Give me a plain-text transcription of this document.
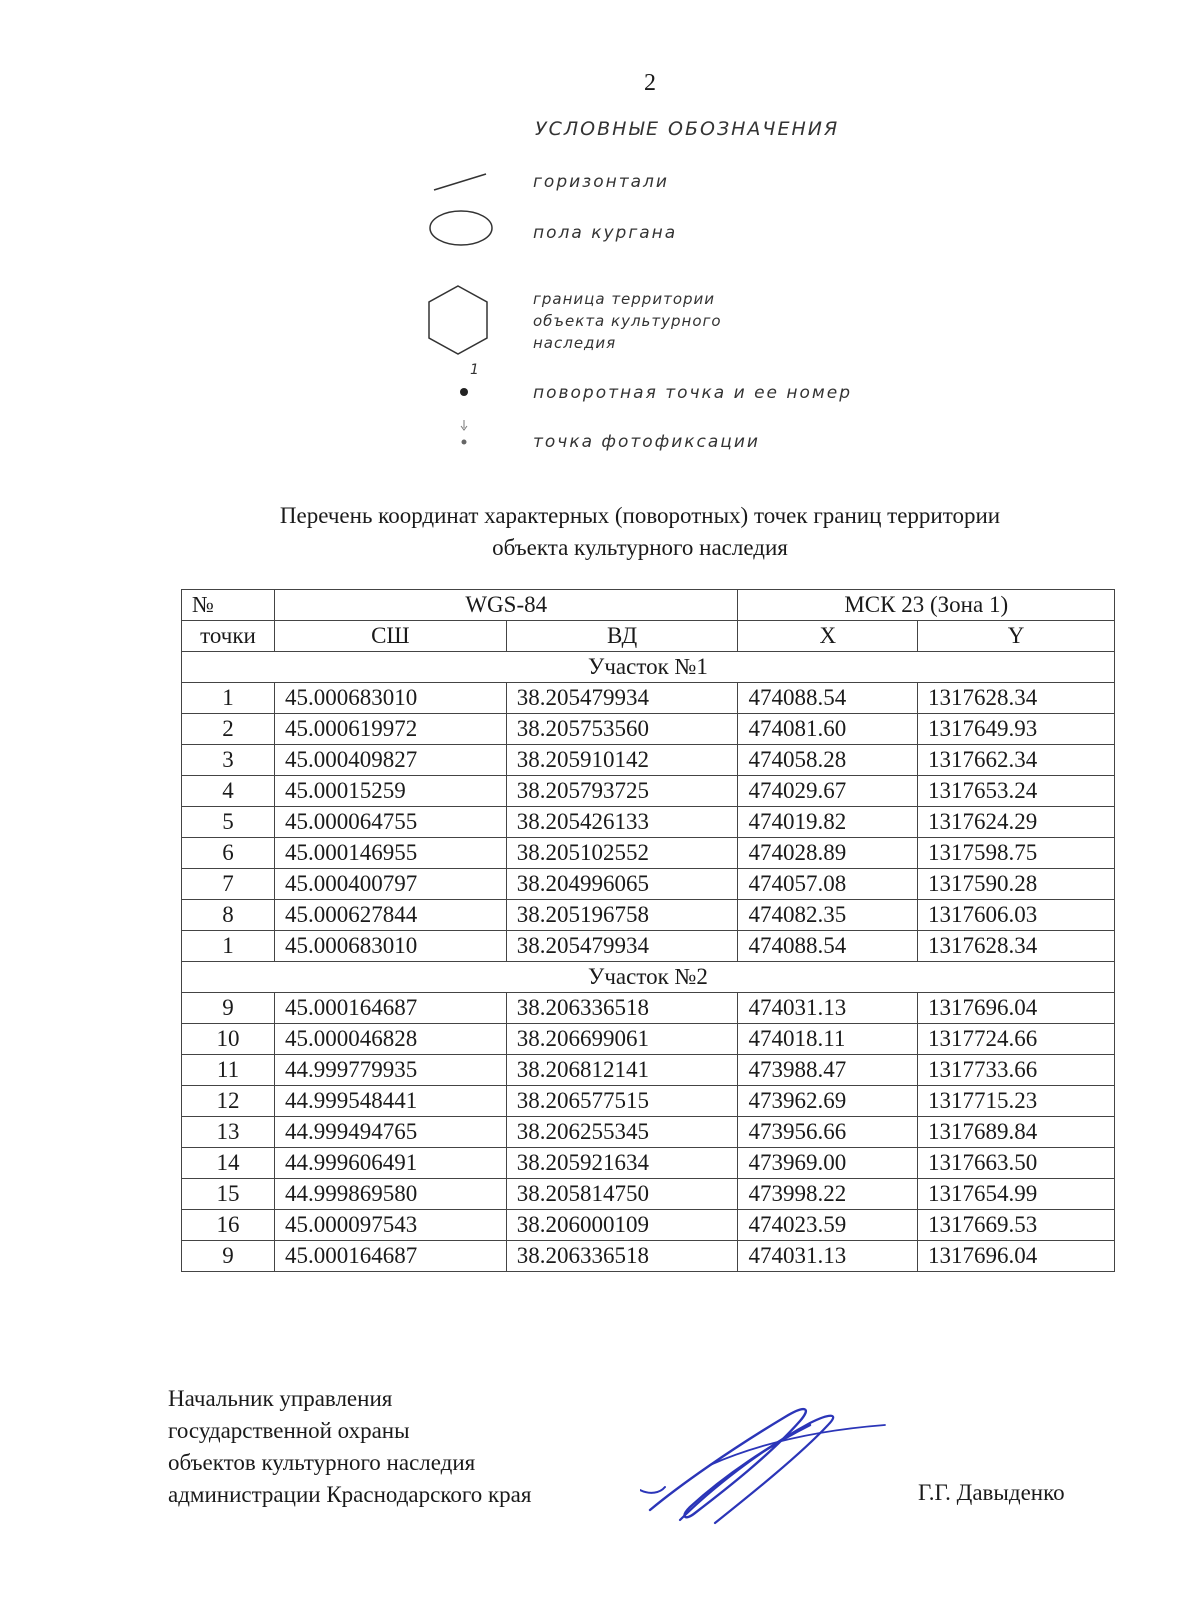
2
УСЛОВНЫЕ ОБОЗНАЧЕНИЯ
горизонтали
пола кургана
граница территории
объекта культурного
наследия
1
поворотная точка и ее номер
точка фотофиксации
Перечень координат характерных (поворотных) точек границ территории
объекта культурного наследия
№	WGS-84		МСК 23 (Зона 1)	
точки	СШ	ВД	X	Y
Участок №1				
1	45.000683010	38.205479934	474088.54	1317628.34
2	45.000619972	38.205753560	474081.60	1317649.93
3	45.000409827	38.205910142	474058.28	1317662.34
4	45.00015259	38.205793725	474029.67	1317653.24
5	45.000064755	38.205426133	474019.82	1317624.29
6	45.000146955	38.205102552	474028.89	1317598.75
7	45.000400797	38.204996065	474057.08	1317590.28
8	45.000627844	38.205196758	474082.35	1317606.03
1	45.000683010	38.205479934	474088.54	1317628.34
Участок №2				
9	45.000164687	38.206336518	474031.13	1317696.04
10	45.000046828	38.206699061	474018.11	1317724.66
11	44.999779935	38.206812141	473988.47	1317733.66
12	44.999548441	38.206577515	473962.69	1317715.23
13	44.999494765	38.206255345	473956.66	1317689.84
14	44.999606491	38.205921634	473969.00	1317663.50
15	44.999869580	38.205814750	473998.22	1317654.99
16	45.000097543	38.206000109	474023.59	1317669.53
9	45.000164687	38.206336518	474031.13	1317696.04
Начальник управления
государственной охраны
объектов культурного наследия
администрации Краснодарского края	Г.Г. Давыденко
